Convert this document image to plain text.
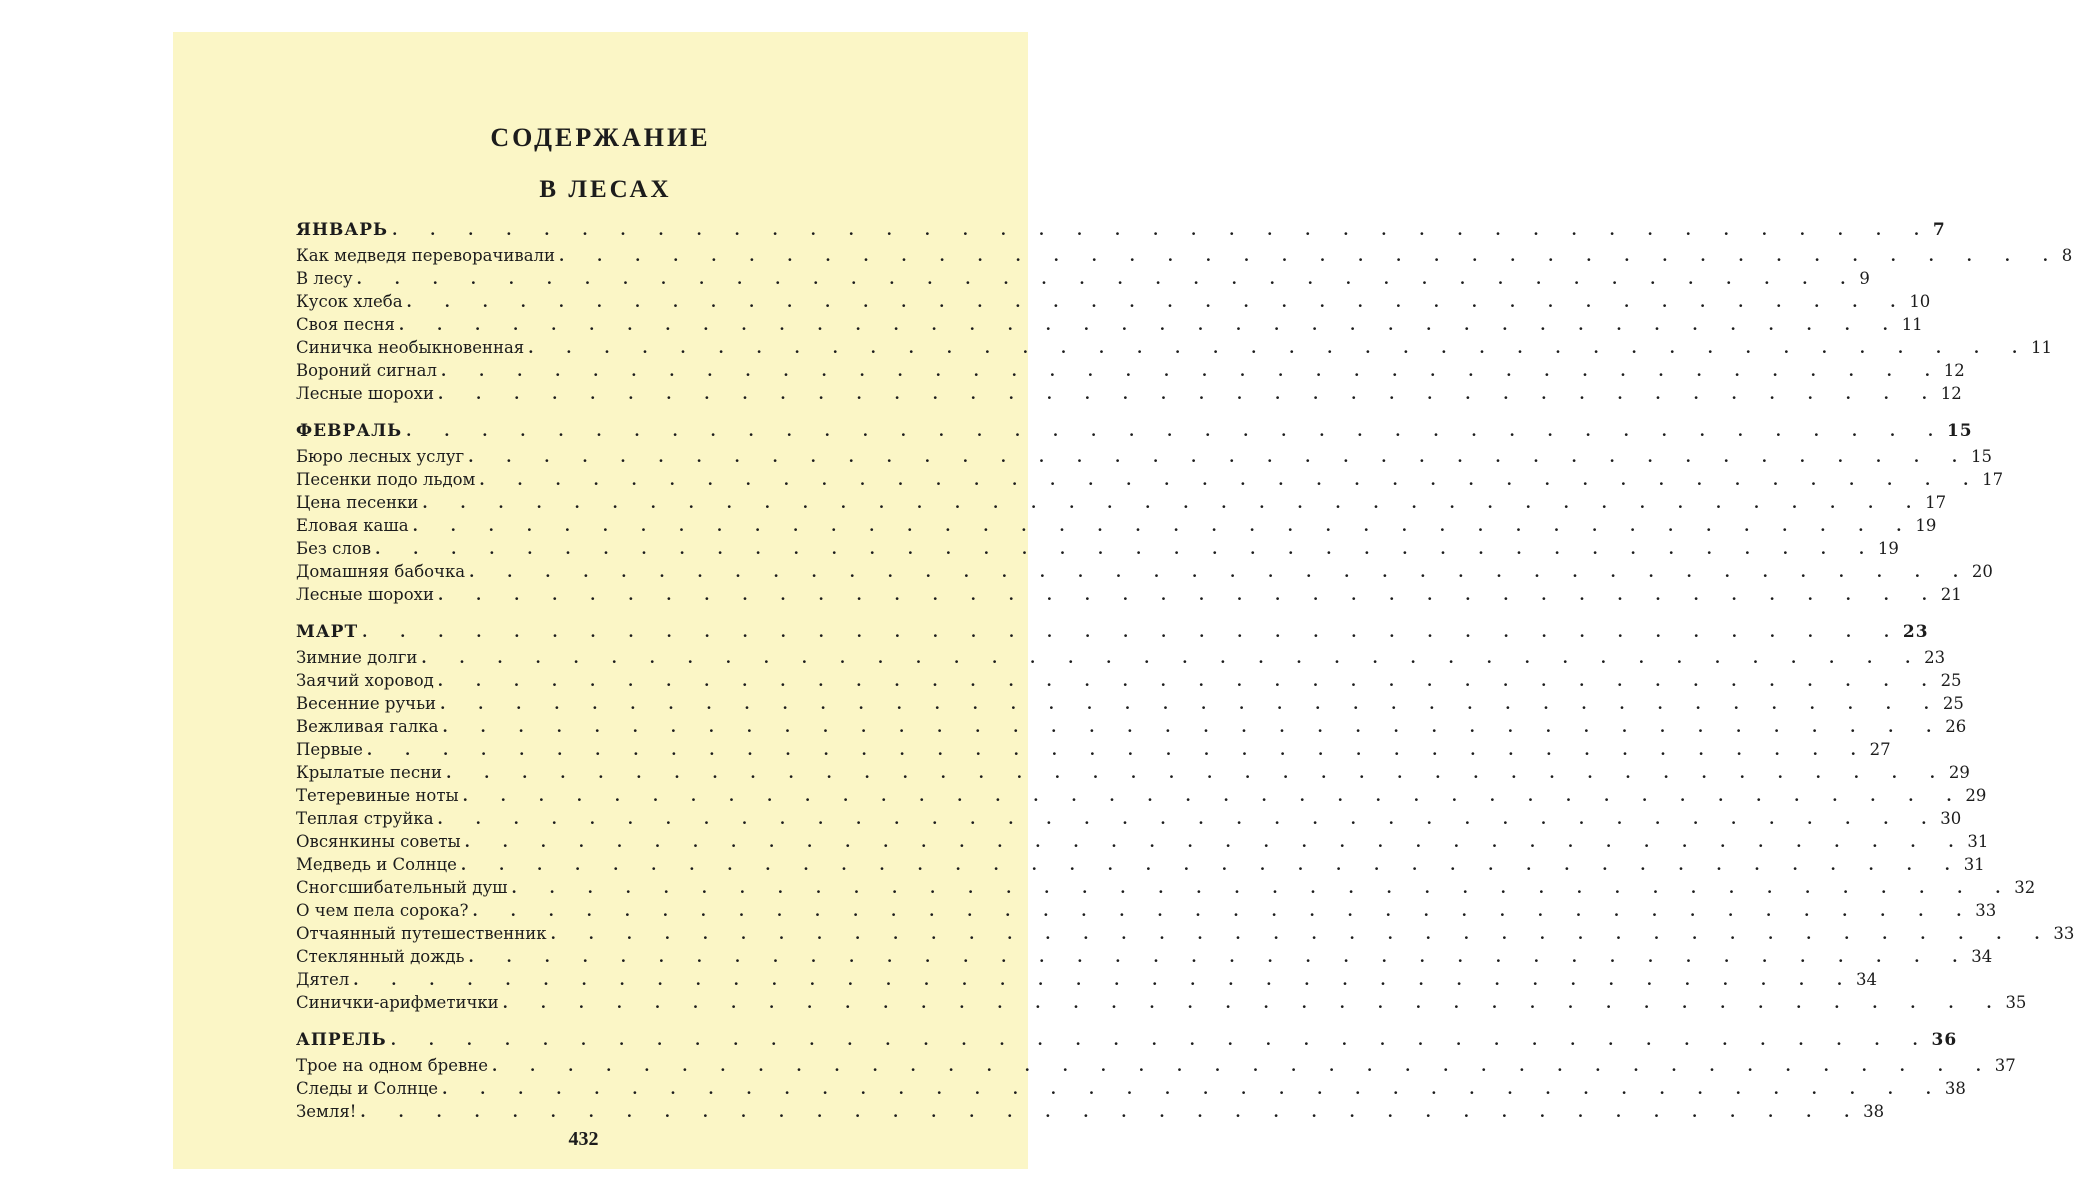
СОДЕРЖАНИЕ
В ЛЕСАХ
ЯНВАРЬ . . . . . . . . . . . . . . . . . . . . . . . . . . . . . . . . . . . . . . . . . 7
Как медведя переворачивали . . . . . . . . . . . . . . . . . . . . . . . . . . . . . . . . . . . . . . . . 8
В лесу . . . . . . . . . . . . . . . . . . . . . . . . . . . . . . . . . . . . . . . . 9
Кусок хлеба . . . . . . . . . . . . . . . . . . . . . . . . . . . . . . . . . . . . . . . . 10
Своя песня . . . . . . . . . . . . . . . . . . . . . . . . . . . . . . . . . . . . . . . . 11
Синичка необыкновенная . . . . . . . . . . . . . . . . . . . . . . . . . . . . . . . . . . . . . . . . 11
Вороний сигнал . . . . . . . . . . . . . . . . . . . . . . . . . . . . . . . . . . . . . . . . 12
Лесные шорохи . . . . . . . . . . . . . . . . . . . . . . . . . . . . . . . . . . . . . . . . 12
ФЕВРАЛЬ . . . . . . . . . . . . . . . . . . . . . . . . . . . . . . . . . . . . . . . . . 15
Бюро лесных услуг . . . . . . . . . . . . . . . . . . . . . . . . . . . . . . . . . . . . . . . . 15
Песенки подо льдом . . . . . . . . . . . . . . . . . . . . . . . . . . . . . . . . . . . . . . . . 17
Цена песенки . . . . . . . . . . . . . . . . . . . . . . . . . . . . . . . . . . . . . . . . 17
Еловая каша . . . . . . . . . . . . . . . . . . . . . . . . . . . . . . . . . . . . . . . . 19
Без слов . . . . . . . . . . . . . . . . . . . . . . . . . . . . . . . . . . . . . . . . 19
Домашняя бабочка . . . . . . . . . . . . . . . . . . . . . . . . . . . . . . . . . . . . . . . . 20
Лесные шорохи . . . . . . . . . . . . . . . . . . . . . . . . . . . . . . . . . . . . . . . . 21
МАРТ . . . . . . . . . . . . . . . . . . . . . . . . . . . . . . . . . . . . . . . . . 23
Зимние долги . . . . . . . . . . . . . . . . . . . . . . . . . . . . . . . . . . . . . . . . 23
Заячий хоровод . . . . . . . . . . . . . . . . . . . . . . . . . . . . . . . . . . . . . . . . 25
Весенние ручьи . . . . . . . . . . . . . . . . . . . . . . . . . . . . . . . . . . . . . . . . 25
Вежливая галка . . . . . . . . . . . . . . . . . . . . . . . . . . . . . . . . . . . . . . . . 26
Первые . . . . . . . . . . . . . . . . . . . . . . . . . . . . . . . . . . . . . . . . 27
Крылатые песни . . . . . . . . . . . . . . . . . . . . . . . . . . . . . . . . . . . . . . . . 29
Тетеревиные ноты . . . . . . . . . . . . . . . . . . . . . . . . . . . . . . . . . . . . . . . . 29
Теплая струйка . . . . . . . . . . . . . . . . . . . . . . . . . . . . . . . . . . . . . . . . 30
Овсянкины советы . . . . . . . . . . . . . . . . . . . . . . . . . . . . . . . . . . . . . . . . 31
Медведь и Солнце . . . . . . . . . . . . . . . . . . . . . . . . . . . . . . . . . . . . . . . . 31
Сногсшибательный душ . . . . . . . . . . . . . . . . . . . . . . . . . . . . . . . . . . . . . . . . 32
О чем пела сорока? . . . . . . . . . . . . . . . . . . . . . . . . . . . . . . . . . . . . . . . . 33
Отчаянный путешественник . . . . . . . . . . . . . . . . . . . . . . . . . . . . . . . . . . . . . . . . 33
Стеклянный дождь . . . . . . . . . . . . . . . . . . . . . . . . . . . . . . . . . . . . . . . . 34
Дятел . . . . . . . . . . . . . . . . . . . . . . . . . . . . . . . . . . . . . . . . 34
Синички-арифметички . . . . . . . . . . . . . . . . . . . . . . . . . . . . . . . . . . . . . . . . 35
АПРЕЛЬ . . . . . . . . . . . . . . . . . . . . . . . . . . . . . . . . . . . . . . . . . 36
Трое на одном бревне . . . . . . . . . . . . . . . . . . . . . . . . . . . . . . . . . . . . . . . . 37
Следы и Солнце . . . . . . . . . . . . . . . . . . . . . . . . . . . . . . . . . . . . . . . . 38
Земля! . . . . . . . . . . . . . . . . . . . . . . . . . . . . . . . . . . . . . . . . 38
432
